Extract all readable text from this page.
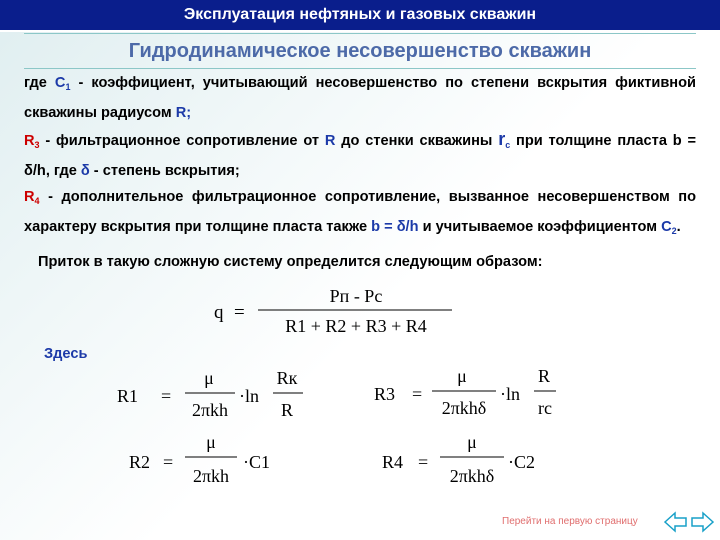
Эксплуатация нефтяных и газовых скважин
Гидродинамическое несовершенство скважин

где $C_1$ - коэффициент, учитывающий несовершенство по степени вскрытия фиктивной скважины радиусом R;

$R_3$ - фильтрационное сопротивление от R до стенки скважины $r_c$ при толщине пласта b = δ/h, где δ - степень вскрытия;

$R_4$ - дополнительное фильтрационное сопротивление, вызванное несовершенством по характеру вскрытия при толщине пласта также b = δ/h и учитываемое коэффициентом $C_2$.

Приток в такую сложную систему определится следующим образом:

q =
Рп - Рс
R1 + R2 + R3 + R4
Здесь
R1 =
μ
2πkh
·ln
Rк
R
R3 =
μ
2πkhδ
·ln
R
rc
R2 =
μ
2πkh
·C1	R4 =
μ
2πkhδ
·C2
Перейти на первую страницу
